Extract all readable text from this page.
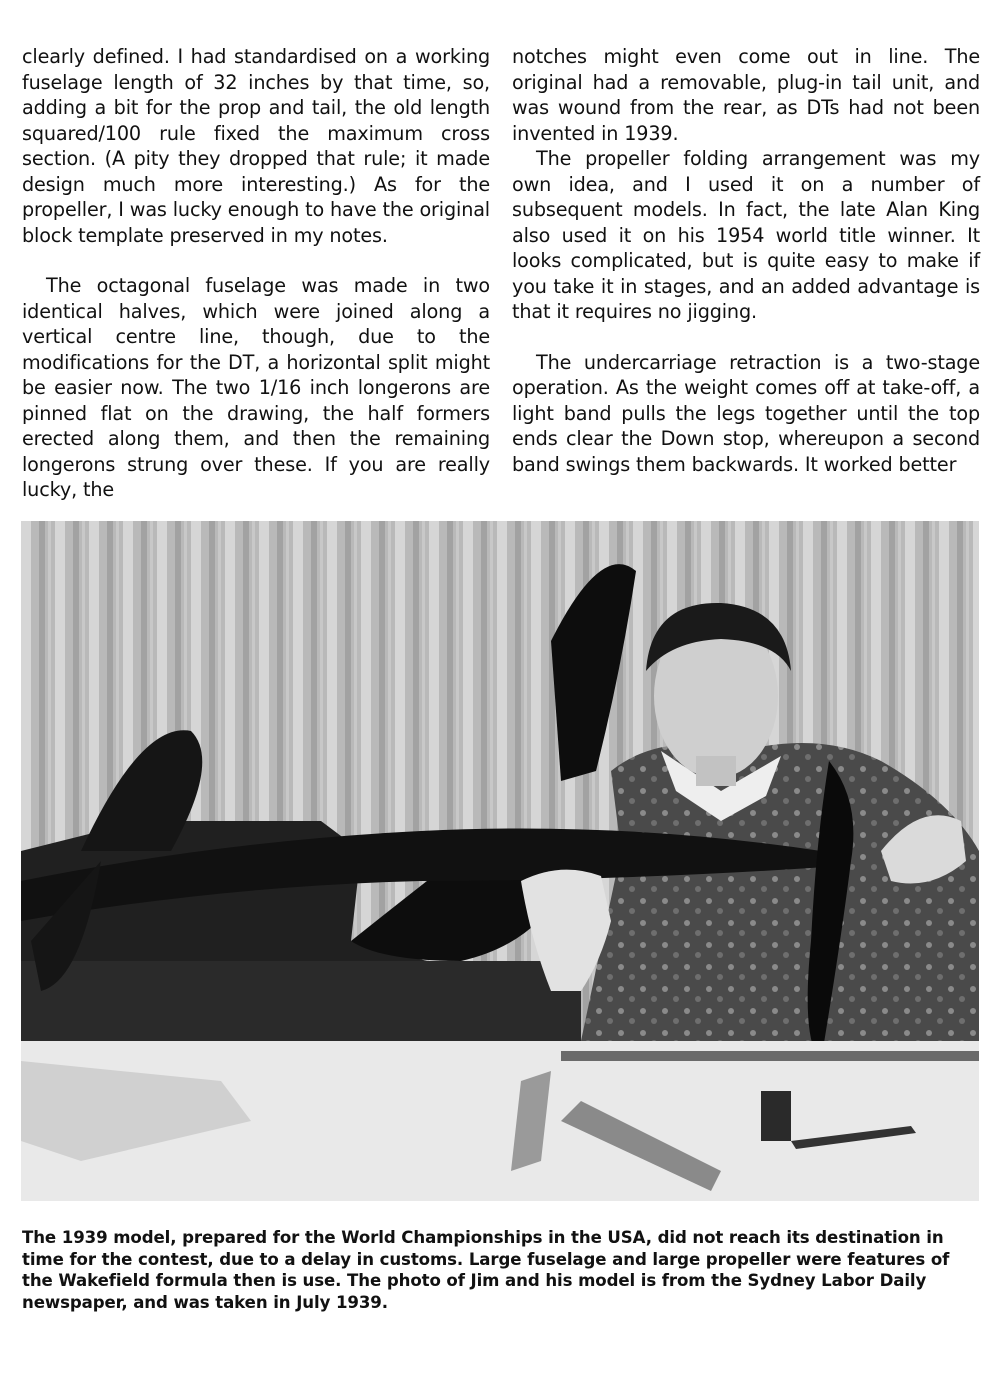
clearly defined. I had standardised on a working fuselage length of 32 inches by that time, so, adding a bit for the prop and tail, the old length squared/100 rule fixed the maximum cross section. (A pity they dropped that rule; it made design much more interesting.) As for the propeller, I was lucky enough to have the original block template preserved in my notes.

The octagonal fuselage was made in two identical halves, which were joined along a vertical centre line, though, due to the modifications for the DT, a horizontal split might be easier now. The two 1/16 inch longerons are pinned flat on the drawing, the half formers erected along them, and then the remaining longerons strung over these. If you are really lucky, the

notches might even come out in line. The original had a removable, plug-in tail unit, and was wound from the rear, as DTs had not been invented in 1939.

The propeller folding arrangement was my own idea, and I used it on a number of subsequent models. In fact, the late Alan King also used it on his 1954 world title winner. It looks complicated, but is quite easy to make if you take it in stages, and an added advantage is that it requires no jigging.

The undercarriage retraction is a two-stage operation. As the weight comes off at take-off, a light band pulls the legs together until the top ends clear the Down stop, whereupon a second band swings them backwards. It worked better

The 1939 model, prepared for the World Championships in the USA, did not reach its destination in time for the contest, due to a delay in customs. Large fuselage and large propeller were features of the Wakefield formula then is use. The photo of Jim and his model is from the Sydney Labor Daily newspaper, and was taken in July 1939.
